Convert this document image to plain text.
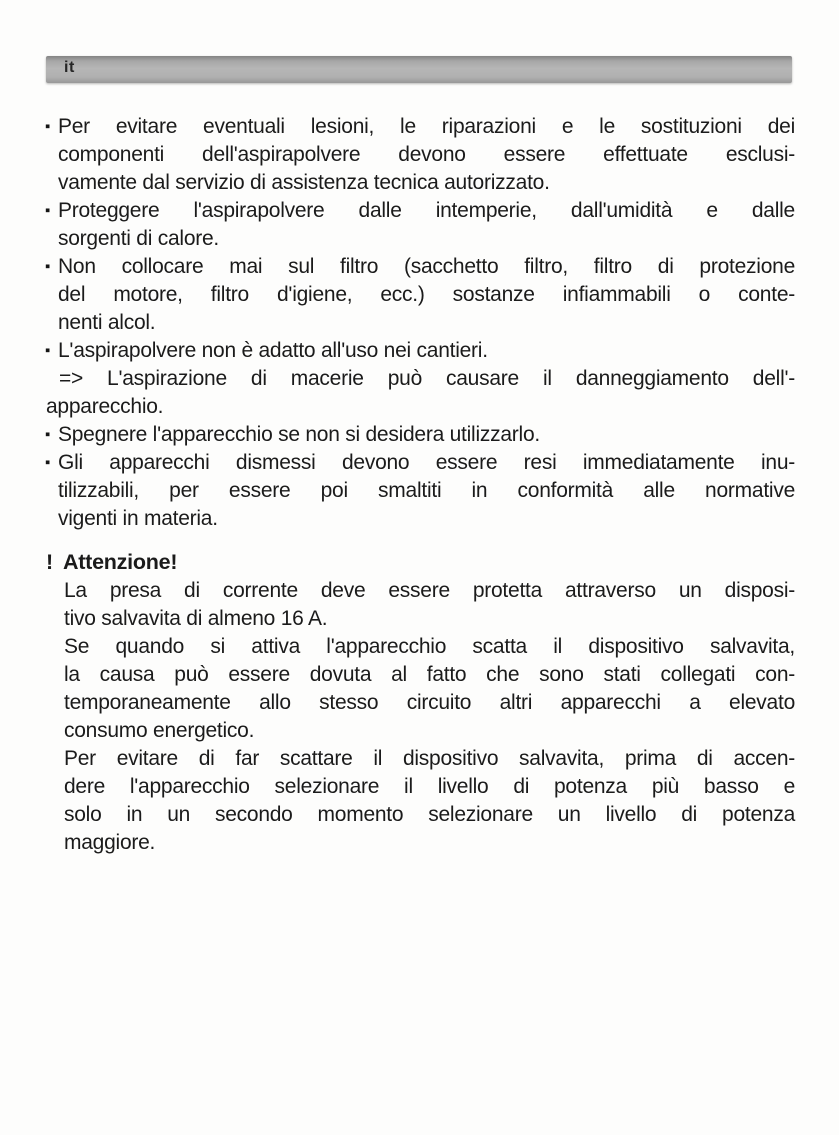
it
▪ Per evitare eventuali lesioni, le riparazioni e le sostituzioni dei
componenti dell'aspirapolvere devono essere effettuate esclusi-
vamente dal servizio di assistenza tecnica autorizzato.
▪ Proteggere l'aspirapolvere dalle intemperie, dall'umidità e dalle
sorgenti di calore.
▪ Non collocare mai sul filtro (sacchetto filtro, filtro di protezione
del motore, filtro d'igiene, ecc.) sostanze infiammabili o conte-
nenti alcol.
▪ L'aspirapolvere non è adatto all'uso nei cantieri.
=> L'aspirazione di macerie può causare il danneggiamento dell'-
apparecchio.
▪ Spegnere l'apparecchio se non si desidera utilizzarlo.
▪ Gli apparecchi dismessi devono essere resi immediatamente inu-
tilizzabili, per essere poi smaltiti in conformità alle normative
vigenti in materia.
! Attenzione!
La presa di corrente deve essere protetta attraverso un disposi-
tivo salvavita di almeno 16 A.
Se quando si attiva l'apparecchio scatta il dispositivo salvavita,
la causa può essere dovuta al fatto che sono stati collegati con-
temporaneamente allo stesso circuito altri apparecchi a elevato
consumo energetico.
Per evitare di far scattare il dispositivo salvavita, prima di accen-
dere l'apparecchio selezionare il livello di potenza più basso e
solo in un secondo momento selezionare un livello di potenza
maggiore.
